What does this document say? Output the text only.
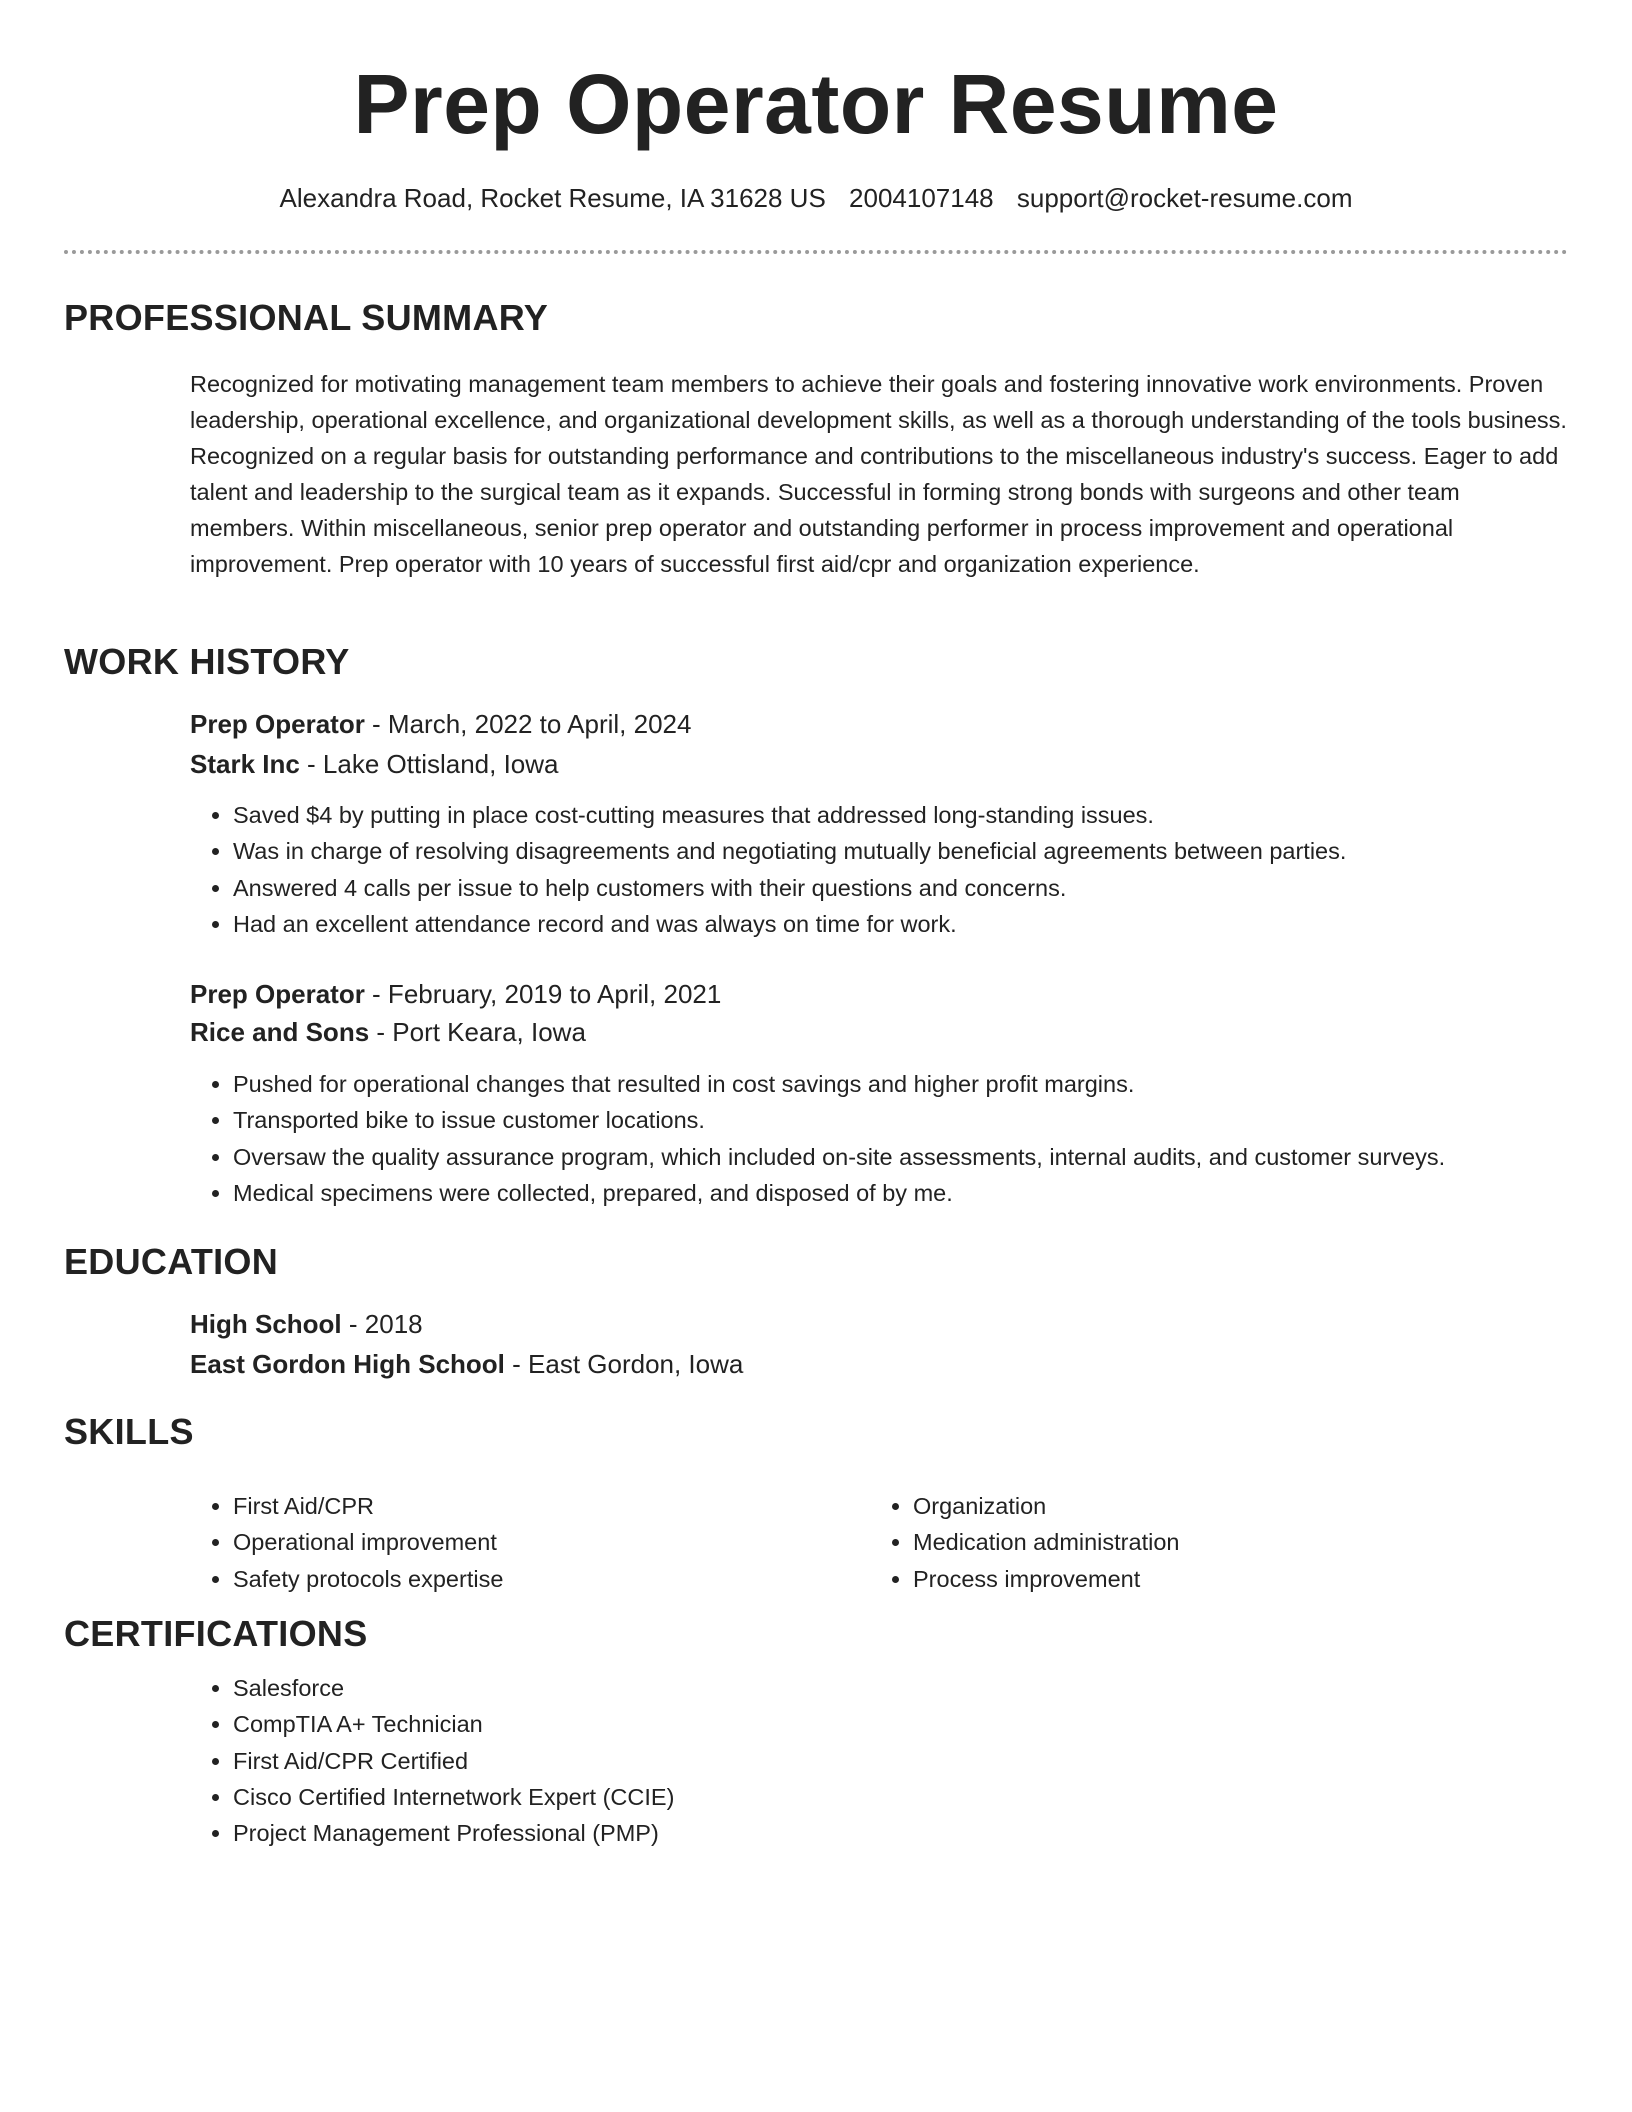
Prep Operator Resume
Alexandra Road, Rocket Resume, IA 31628 US 2004107148 support@rocket-resume.com
PROFESSIONAL SUMMARY

Recognized for motivating management team members to achieve their goals and fostering innovative work environments. Proven leadership, operational excellence, and organizational development skills, as well as a thorough understanding of the tools business. Recognized on a regular basis for outstanding performance and contributions to the miscellaneous industry's success. Eager to add talent and leadership to the surgical team as it expands. Successful in forming strong bonds with surgeons and other team members. Within miscellaneous, senior prep operator and outstanding performer in process improvement and operational improvement. Prep operator with 10 years of successful first aid/cpr and organization experience.

WORK HISTORY
Prep Operator - March, 2022 to April, 2024
Stark Inc - Lake Ottisland, Iowa
• Saved $4 by putting in place cost-cutting measures that addressed long-standing issues.
• Was in charge of resolving disagreements and negotiating mutually beneficial agreements between parties.
• Answered 4 calls per issue to help customers with their questions and concerns.
• Had an excellent attendance record and was always on time for work.
Prep Operator - February, 2019 to April, 2021
Rice and Sons - Port Keara, Iowa
• Pushed for operational changes that resulted in cost savings and higher profit margins.
• Transported bike to issue customer locations.
• Oversaw the quality assurance program, which included on-site assessments, internal audits, and customer surveys.
• Medical specimens were collected, prepared, and disposed of by me.
EDUCATION
High School - 2018
East Gordon High School - East Gordon, Iowa
SKILLS
• First Aid/CPR
• Operational improvement
• Safety protocols expertise
• Organization
• Medication administration
• Process improvement
CERTIFICATIONS
• Salesforce
• CompTIA A+ Technician
• First Aid/CPR Certified
• Cisco Certified Internetwork Expert (CCIE)
• Project Management Professional (PMP)
